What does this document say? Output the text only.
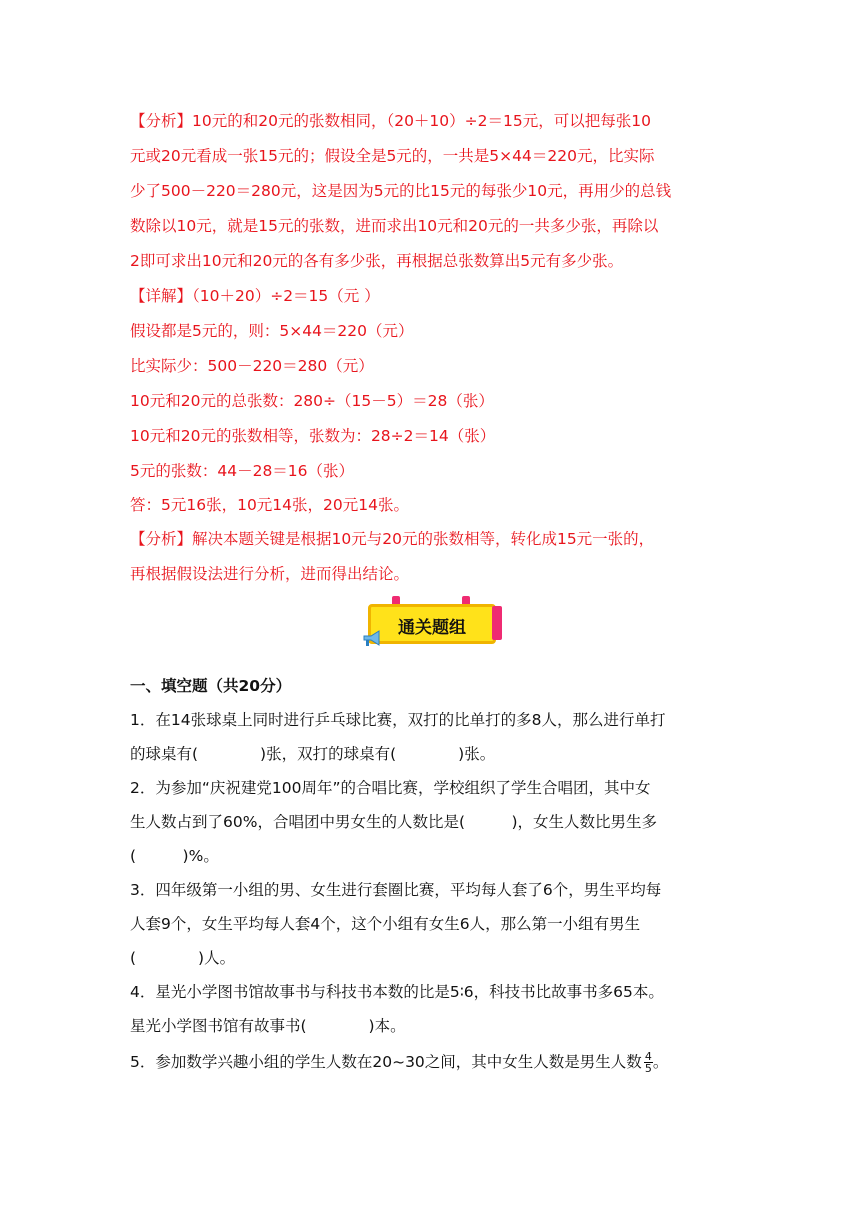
【分析】10元的和20元的张数相同，（20＋10）÷2＝15元，可以把每张10
元或20元看成一张15元的；假设全是5元的，一共是5×44＝220元，比实际
少了500－220＝280元，这是因为5元的比15元的每张少10元，再用少的总钱
数除以10元，就是15元的张数，进而求出10元和20元的一共多少张，再除以
2即可求出10元和20元的各有多少张，再根据总张数算出5元有多少张。
【详解】（10＋20）÷2＝15（元 ）
假设都是5元的，则：5×44＝220（元）
比实际少：500－220＝280（元）
10元和20元的总张数：280÷（15－5）＝28（张）
10元和20元的张数相等，张数为：28÷2＝14（张）
5元的张数：44－28＝16（张）
答：5元16张，10元14张，20元14张。
【分析】解决本题关键是根据10元与20元的张数相等，转化成15元一张的，
再根据假设法进行分析，进而得出结论。
通关题组
一、填空题（共20分）
1．在14张球桌上同时进行乒乓球比赛，双打的比单打的多8人，那么进行单打
的球桌有(　　　　)张，双打的球桌有(　　　　)张。
2．为参加“庆祝建党100周年”的合唱比赛，学校组织了学生合唱团，其中女
生人数占到了60%，合唱团中男女生的人数比是(　　　)，女生人数比男生多
(　　　)%。
3．四年级第一小组的男、女生进行套圈比赛，平均每人套了6个，男生平均每
人套9个，女生平均每人套4个，这个小组有女生6人，那么第一小组有男生
(　　　　)人。
4．星光小学图书馆故事书与科技书本数的比是5∶6，科技书比故事书多65本。
星光小学图书馆有故事书(　　　　)本。
5．参加数学兴趣小组的学生人数在20~30之间，其中女生人数是男生人数 $\frac{4}{5}$ 。
